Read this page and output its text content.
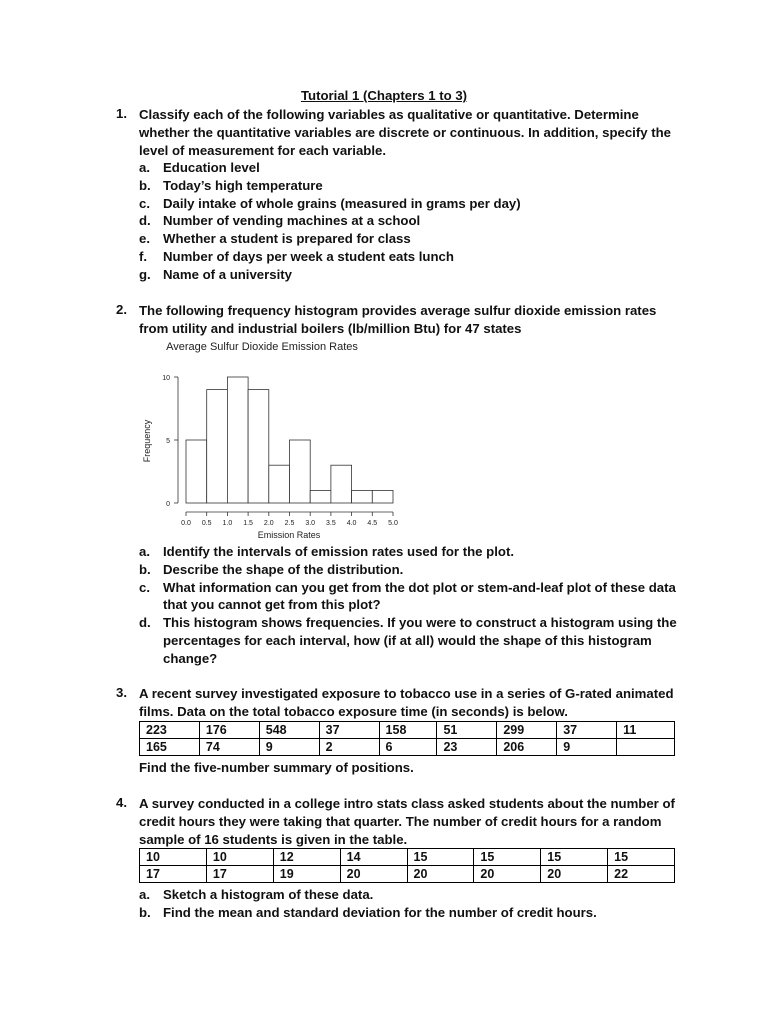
Tutorial 1 (Chapters 1 to 3)
1. Classify each of the following variables as qualitative or quantitative. Determine whether the quantitative variables are discrete or continuous. In addition, specify the level of measurement for each variable.
a. Education level
b. Today’s high temperature
c. Daily intake of whole grains (measured in grams per day)
d. Number of vending machines at a school
e. Whether a student is prepared for class
f. Number of days per week a student eats lunch
g. Name of a university
2. The following frequency histogram provides average sulfur dioxide emission rates from utility and industrial boilers (lb/million Btu) for 47 states
Average Sulfur Dioxide Emission Rates
Frequency
Emission Rates
0
5
10
0.0 0.5 1.0 1.5 2.0 2.5 3.0 3.5 4.0 4.5 5.0
a. Identify the intervals of emission rates used for the plot.
b. Describe the shape of the distribution.
c. What information can you get from the dot plot or stem-and-leaf plot of these data that you cannot get from this plot?
d. This histogram shows frequencies. If you were to construct a histogram using the percentages for each interval, how (if at all) would the shape of this histogram change?
3. A recent survey investigated exposure to tobacco use in a series of G-rated animated films. Data on the total tobacco exposure time (in seconds) is below.
223	176	548	37	158	51	299	37	11
165	74	9	2	6	23	206	9	
Find the five-number summary of positions.
4. A survey conducted in a college intro stats class asked students about the number of credit hours they were taking that quarter. The number of credit hours for a random sample of 16 students is given in the table.
10	10	12	14	15	15	15	15
17	17	19	20	20	20	20	22
a. Sketch a histogram of these data.
b. Find the mean and standard deviation for the number of credit hours.
